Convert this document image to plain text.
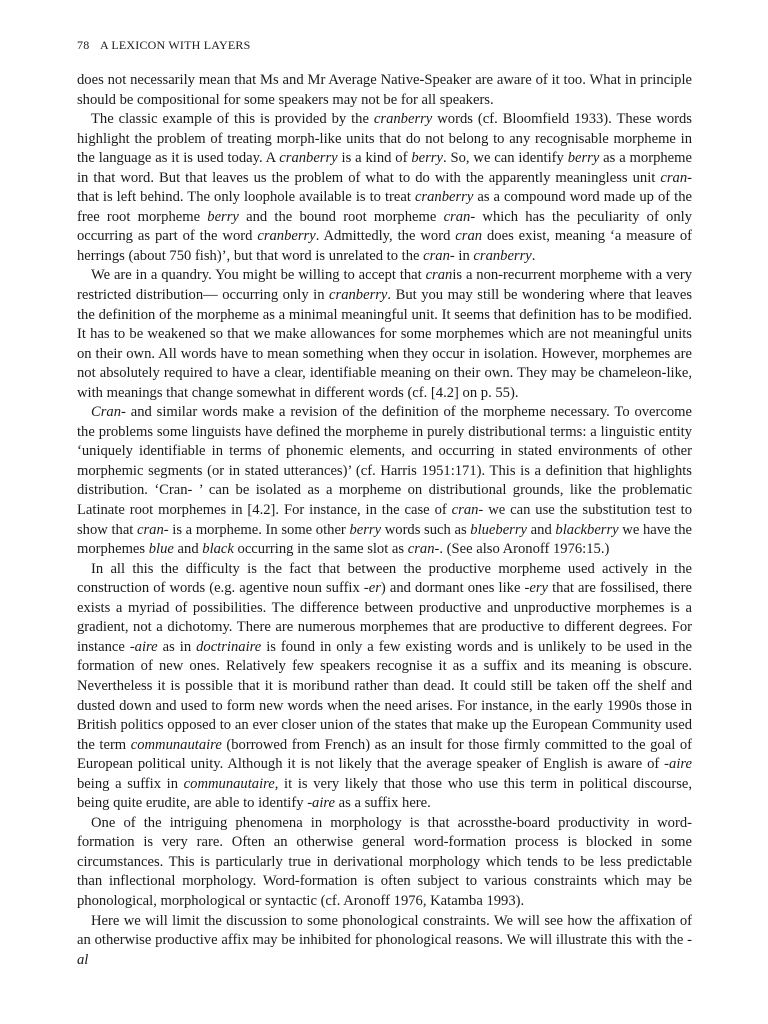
78 A LEXICON WITH LAYERS

does not necessarily mean that Ms and Mr Average Native-Speaker are aware of it too. What in principle should be compositional for some speakers may not be for all speakers.

The classic example of this is provided by the cranberry words (cf. Bloomfield 1933). These words highlight the problem of treating morph-like units that do not belong to any recognisable morpheme in the language as it is used today. A cranberry is a kind of berry. So, we can identify berry as a morpheme in that word. But that leaves us the problem of what to do with the apparently meaningless unit cran- that is left behind. The only loophole available is to treat cranberry as a compound word made up of the free root morpheme berry and the bound root morpheme cran- which has the peculiarity of only occurring as part of the word cranberry. Admittedly, the word cran does exist, meaning ‘a measure of herrings (about 750 fish)’, but that word is unrelated to the cran- in cranberry.

We are in a quandry. You might be willing to accept that cranis a non-recurrent morpheme with a very restricted distribution— occurring only in cranberry. But you may still be wondering where that leaves the definition of the morpheme as a minimal meaningful unit. It seems that definition has to be modified. It has to be weakened so that we make allowances for some morphemes which are not meaningful units on their own. All words have to mean something when they occur in isolation. However, morphemes are not absolutely required to have a clear, identifiable meaning on their own. They may be chameleon-like, with meanings that change somewhat in different words (cf. [4.2] on p. 55).

Cran- and similar words make a revision of the definition of the morpheme necessary. To overcome the problems some linguists have defined the morpheme in purely distributional terms: a linguistic entity ‘uniquely identifiable in terms of phonemic elements, and occurring in stated environments of other morphemic segments (or in stated utterances)’ (cf. Harris 1951:171). This is a definition that highlights distribution. ‘Cran- ’ can be isolated as a morpheme on distributional grounds, like the problematic Latinate root morphemes in [4.2]. For instance, in the case of cran- we can use the substitution test to show that cran- is a morpheme. In some other berry words such as blueberry and blackberry we have the morphemes blue and black occurring in the same slot as cran-. (See also Aronoff 1976:15.)

In all this the difficulty is the fact that between the productive morpheme used actively in the construction of words (e.g. agentive noun suffix -er) and dormant ones like -ery that are fossilised, there exists a myriad of possibilities. The difference between productive and unproductive morphemes is a gradient, not a dichotomy. There are numerous morphemes that are productive to different degrees. For instance -aire as in doctrinaire is found in only a few existing words and is unlikely to be used in the formation of new ones. Relatively few speakers recognise it as a suffix and its meaning is obscure. Nevertheless it is possible that it is moribund rather than dead. It could still be taken off the shelf and dusted down and used to form new words when the need arises. For instance, in the early 1990s those in British politics opposed to an ever closer union of the states that make up the European Community used the term communautaire (borrowed from French) as an insult for those firmly committed to the goal of European political unity. Although it is not likely that the average speaker of English is aware of -aire being a suffix in communautaire, it is very likely that those who use this term in political discourse, being quite erudite, are able to identify -aire as a suffix here.

One of the intriguing phenomena in morphology is that acrossthe-board productivity in word-formation is very rare. Often an otherwise general word-formation process is blocked in some circumstances. This is particularly true in derivational morphology which tends to be less predictable than inflectional morphology. Word-formation is often subject to various constraints which may be phonological, morphological or syntactic (cf. Aronoff 1976, Katamba 1993).

Here we will limit the discussion to some phonological constraints. We will see how the affixation of an otherwise productive affix may be inhibited for phonological reasons. We will illustrate this with the -al
